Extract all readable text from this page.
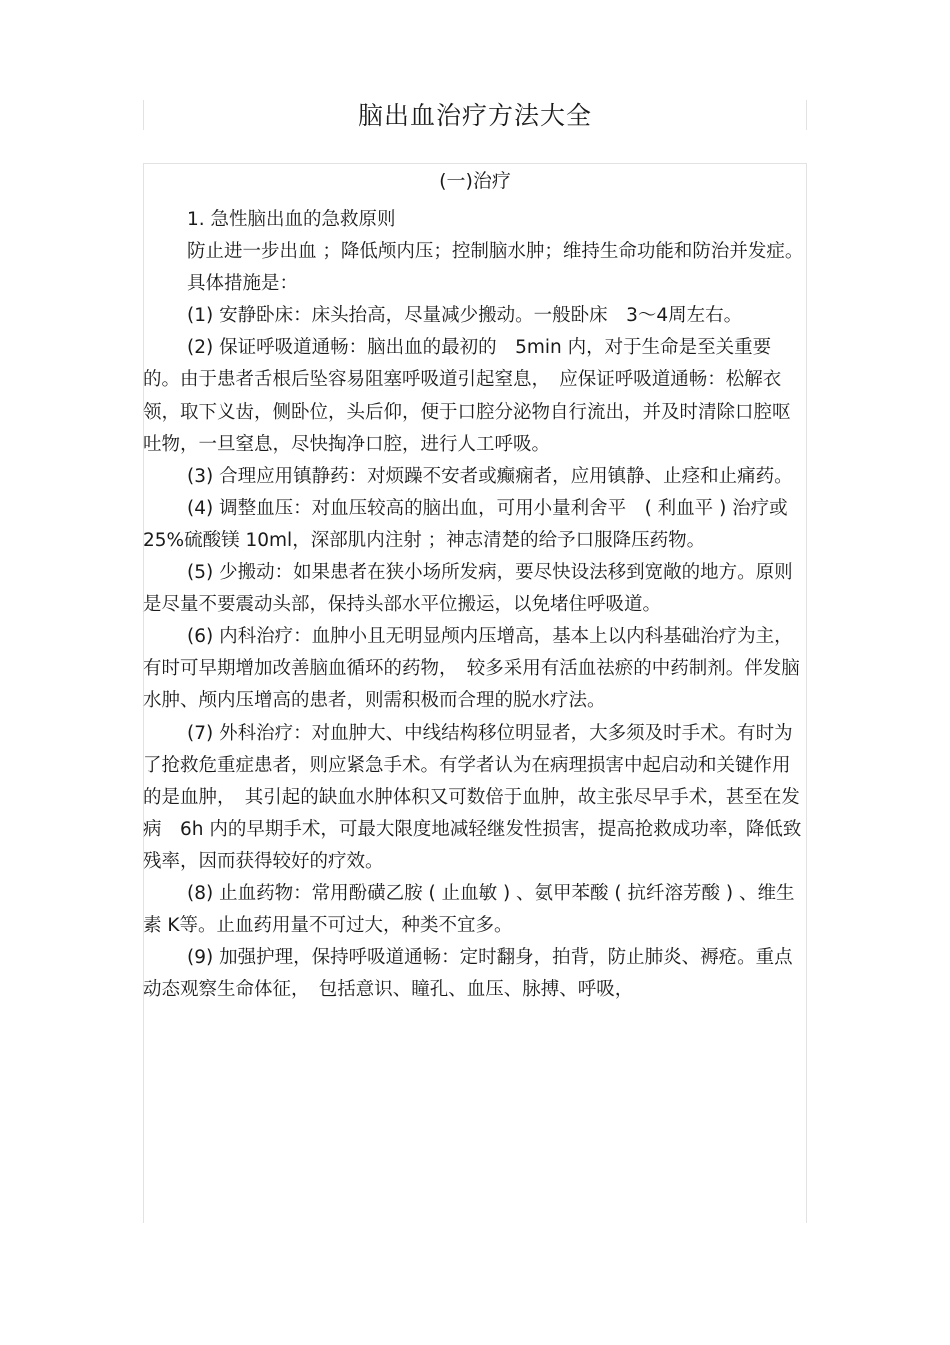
脑出血治疗方法大全
(一)治疗

1. 急性脑出血的急救原则

防止进一步出血 ；降低颅内压；控制脑水肿；维持生命功能和防治并发症。

具体措施是：

(1) 安静卧床：床头抬高，尽量减少搬动。一般卧床　3～4周左右。

(2) 保证呼吸道通畅：脑出血的最初的　5min 内，对于生命是至关重要的。由于患者舌根后坠容易阻塞呼吸道引起窒息，　应保证呼吸道通畅：松解衣领，取下义齿，侧卧位，头后仰，便于口腔分泌物自行流出，并及时清除口腔呕吐物，一旦窒息，尽快掏净口腔，进行人工呼吸。

(3) 合理应用镇静药：对烦躁不安者或癫痫者，应用镇静、止痉和止痛药。

(4) 调整血压：对血压较高的脑出血，可用小量利舍平　( 利血平 ) 治疗或 25%硫酸镁 10ml，深部肌内注射 ；神志清楚的给予口服降压药物。

(5) 少搬动：如果患者在狭小场所发病，要尽快设法移到宽敞的地方。原则是尽量不要震动头部，保持头部水平位搬运，以免堵住呼吸道。

(6) 内科治疗：血肿小且无明显颅内压增高，基本上以内科基础治疗为主，有时可早期增加改善脑血循环的药物，　较多采用有活血祛瘀的中药制剂。伴发脑水肿、颅内压增高的患者，则需积极而合理的脱水疗法。

(7) 外科治疗：对血肿大、中线结构移位明显者，大多须及时手术。有时为了抢救危重症患者，则应紧急手术。有学者认为在病理损害中起启动和关键作用的是血肿，　其引起的缺血水肿体积又可数倍于血肿，故主张尽早手术，甚至在发病　6h 内的早期手术，可最大限度地减轻继发性损害，提高抢救成功率，降低致残率，因而获得较好的疗效。

(8) 止血药物：常用酚磺乙胺 ( 止血敏 ) 、氨甲苯酸 ( 抗纤溶芳酸 ) 、维生素 K等。止血药用量不可过大，种类不宜多。

(9) 加强护理，保持呼吸道通畅：定时翻身，拍背，防止肺炎、褥疮。重点动态观察生命体征，　包括意识、瞳孔、血压、脉搏、呼吸，
